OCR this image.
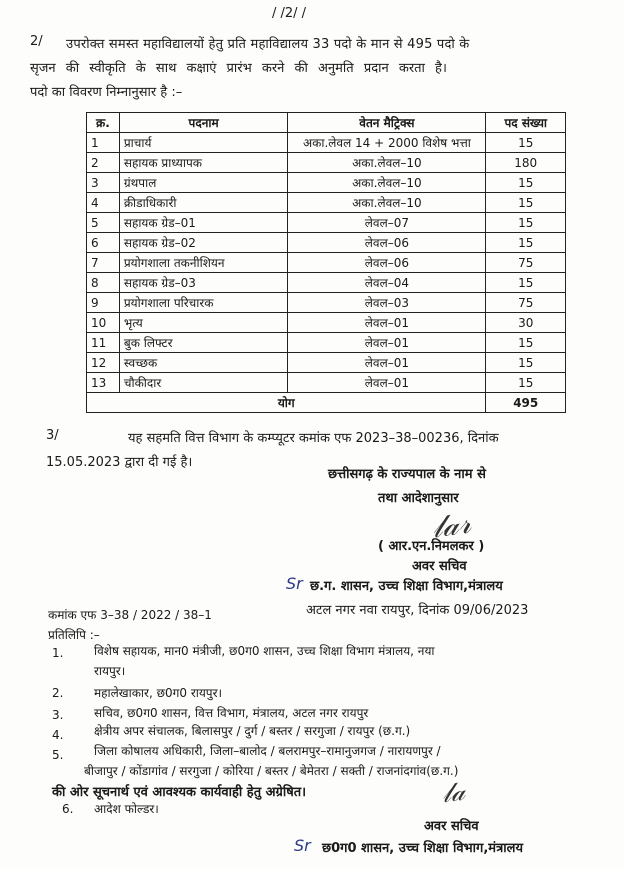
/ /2/ /
2/ उपरोक्त समस्त महाविद्यालयों हेतु प्रति महाविद्यालय 33 पदो के मान से 495 पदो के
सृजन की स्वीकृति के साथ कक्षाएं प्रारंभ करने की अनुमति प्रदान करता है।
पदो का विवरण निम्नानुसार है :–
क्र.	पदनाम	वेतन मैट्रिक्स	पद संख्या
1	प्राचार्य	अका.लेवल 14 + 2000 विशेष भत्ता	15
2	सहायक प्राध्यापक	अका.लेवल–10	180
3	ग्रंथपाल	अका.लेवल–10	15
4	क्रीडाधिकारी	अका.लेवल–10	15
5	सहायक ग्रेड–01	लेवल–07	15
6	सहायक ग्रेड–02	लेवल–06	15
7	प्रयोगशाला तकनीशियन	लेवल–06	75
8	सहायक ग्रेड–03	लेवल–04	15
9	प्रयोगशाला परिचारक	लेवल–03	75
10	भृत्य	लेवल–01	30
11	बुक लिफ्टर	लेवल–01	15
12	स्वच्छक	लेवल–01	15
13	चौकीदार	लेवल–01	15
योग			495
3/	यह सहमति वित्त विभाग के कम्प्यूटर कमांक एफ 2023–38–00236, दिनांक
15.05.2023 द्वारा दी गई है।
छत्तीसगढ़ के राज्यपाल के नाम से
तथा आदेशानुसार
𝓁𝒶𝓇
( आर.एन.निमलकर )
अवर सचिव
Sr छ.ग. शासन, उच्च शिक्षा विभाग,मंत्रालय
कमांक एफ 3–38 / 2022 / 38–1	अटल नगर नवा रायपुर, दिनांक 09/06/2023
प्रतिलिपि :–
1.	विशेष सहायक, मान0 मंत्रीजी, छ0ग0 शासन, उच्च शिक्षा विभाग मंत्रालय, नया
रायपुर।
2.	महालेखाकार, छ0ग0 रायपुर।
3.	सचिव, छ0ग0 शासन, वित्त विभाग, मंत्रालय, अटल नगर रायपुर
4.	क्षेत्रीय अपर संचालक, बिलासपुर / दुर्ग / बस्तर / सरगुजा / रायपुर (छ.ग.)
5.	जिला कोषालय अधिकारी, जिला–बालोद / बलरामपुर–रामानुजगज / नारायणपुर /
बीजापुर / कोंडागांव / सरगुजा / कोरिया / बस्तर / बेमेतरा / सक्ती / राजनांदगांव(छ.ग.)
की ओर सूचनार्थ एवं आवश्यक कार्यवाही हेतु अग्रेषित।
6. आदेश फोल्डर।	𝓁𝒶
अवर सचिव
Sr छ0ग0 शासन, उच्च शिक्षा विभाग,मंत्रालय
